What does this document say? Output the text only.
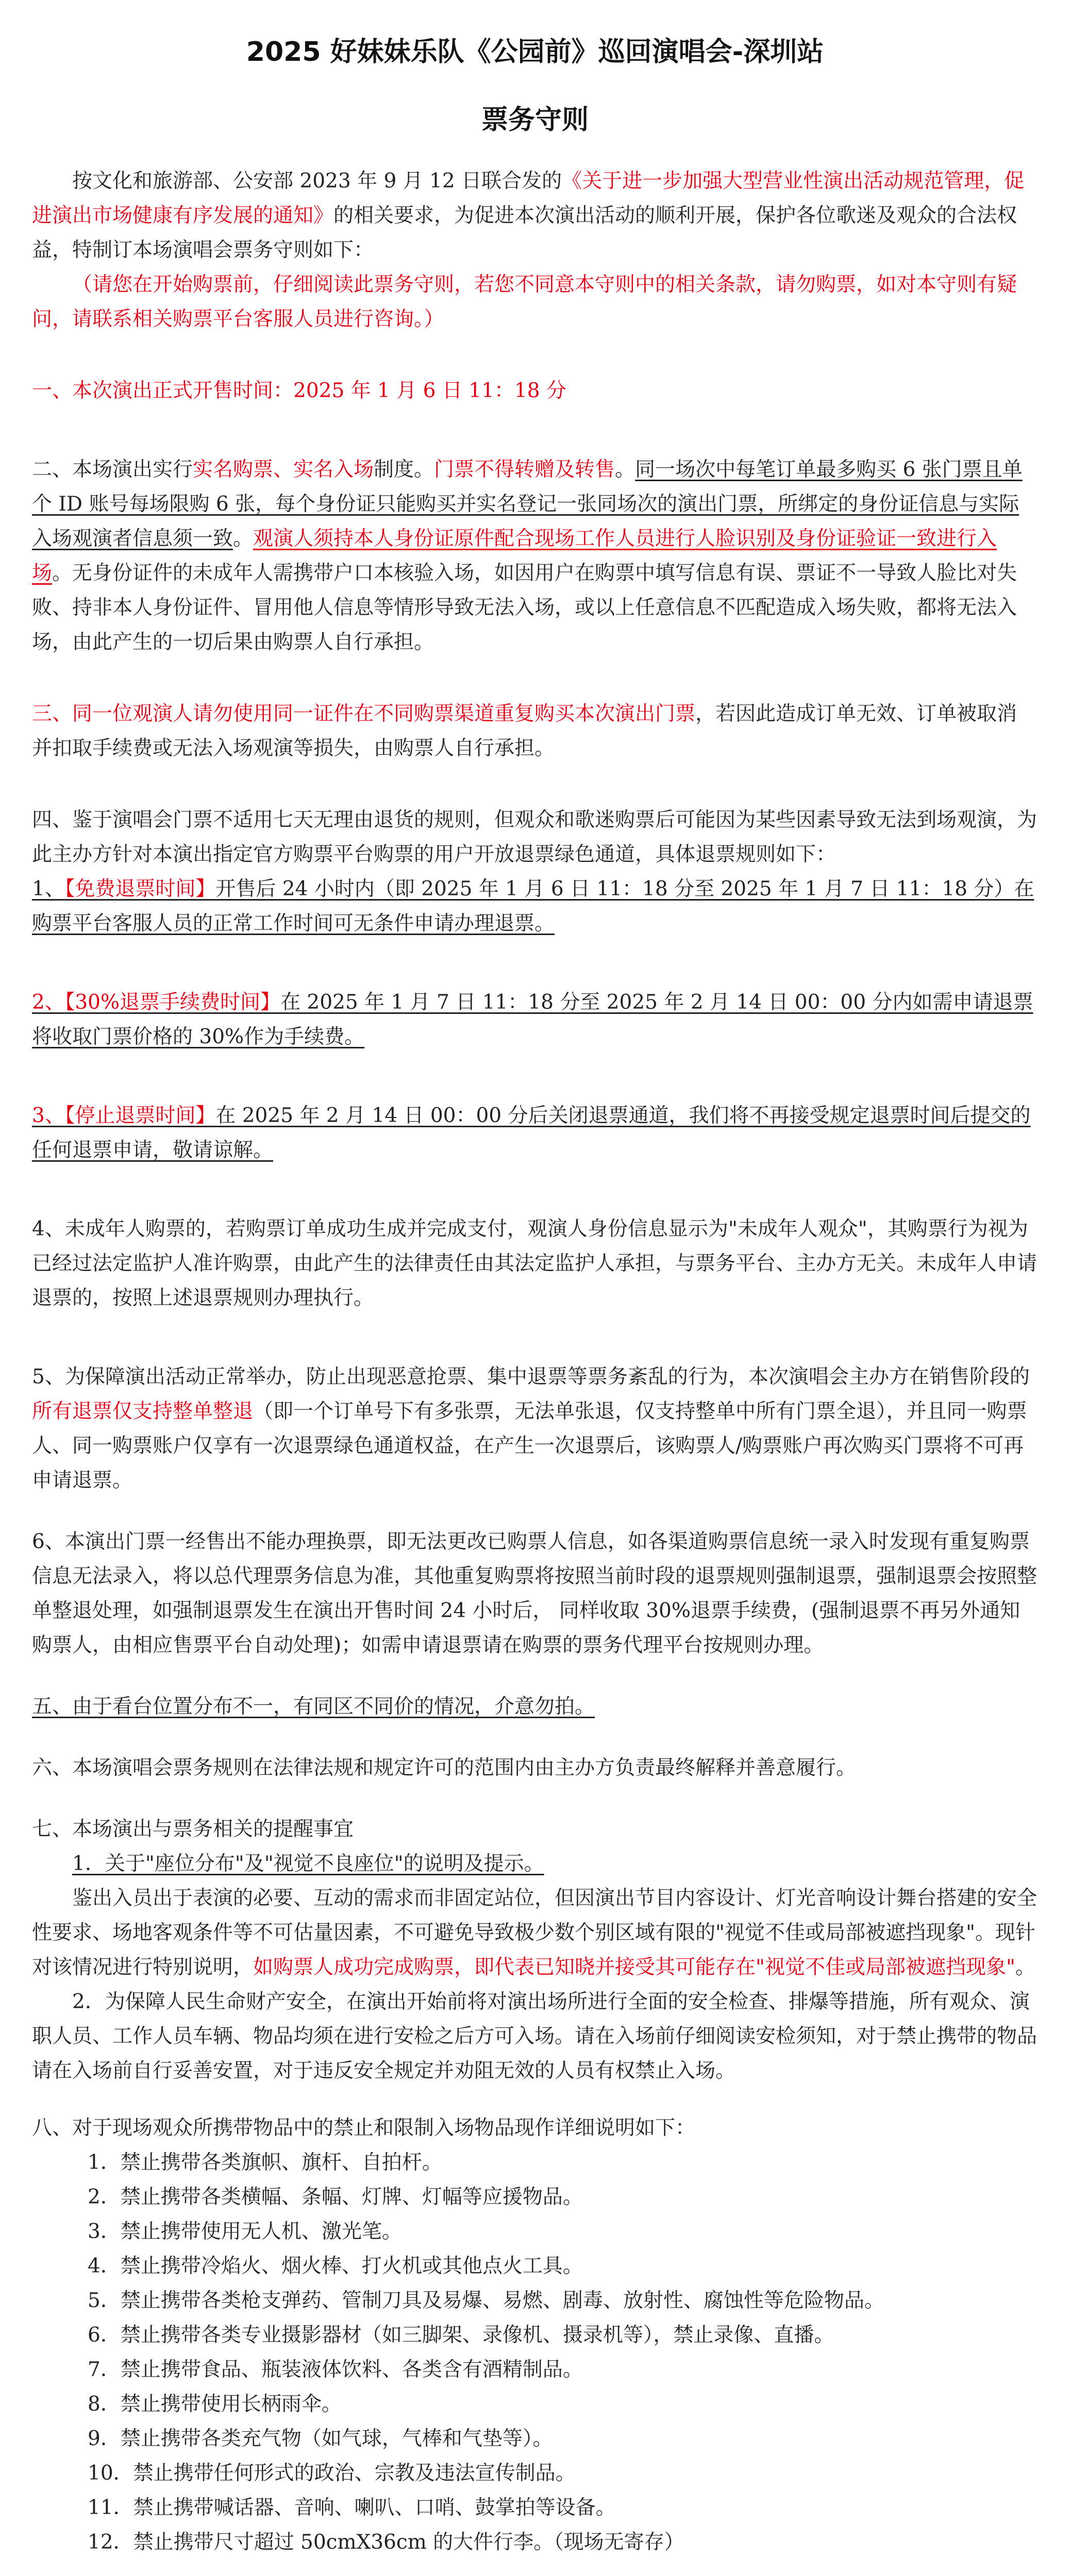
2025 好妹妹乐队《公园前》巡回演唱会-深圳站
票务守则

按文化和旅游部、公安部 2023 年 9 月 12 日联合发的《关于进一步加强大型营业性演出活动规范管理，促进演出市场健康有序发展的通知》的相关要求，为促进本次演出活动的顺利开展，保护各位歌迷及观众的合法权益，特制订本场演唱会票务守则如下：

（请您在开始购票前，仔细阅读此票务守则，若您不同意本守则中的相关条款，请勿购票，如对本守则有疑问，请联系相关购票平台客服人员进行咨询。）

一、本次演出正式开售时间：2025 年 1 月 6 日 11：18 分

二、本场演出实行实名购票、实名入场制度。门票不得转赠及转售。同一场次中每笔订单最多购买 6 张门票且单个 ID 账号每场限购 6 张，每个身份证只能购买并实名登记一张同场次的演出门票，所绑定的身份证信息与实际入场观演者信息须一致。观演人须持本人身份证原件配合现场工作人员进行人脸识别及身份证验证一致进行入场。无身份证件的未成年人需携带户口本核验入场，如因用户在购票中填写信息有误、票证不一导致人脸比对失败、持非本人身份证件、冒用他人信息等情形导致无法入场，或以上任意信息不匹配造成入场失败，都将无法入场，由此产生的一切后果由购票人自行承担。

三、同一位观演人请勿使用同一证件在不同购票渠道重复购买本次演出门票，若因此造成订单无效、订单被取消并扣取手续费或无法入场观演等损失，由购票人自行承担。

四、鉴于演唱会门票不适用七天无理由退货的规则，但观众和歌迷购票后可能因为某些因素导致无法到场观演，为此主办方针对本演出指定官方购票平台购票的用户开放退票绿色通道，具体退票规则如下：

1、【免费退票时间】开售后 24 小时内（即 2025 年 1 月 6 日 11：18 分至 2025 年 1 月 7 日 11：18 分）在购票平台客服人员的正常工作时间可无条件申请办理退票。

2、【30%退票手续费时间】在 2025 年 1 月 7 日 11：18 分至 2025 年 2 月 14 日 00：00 分内如需申请退票将收取门票价格的 30%作为手续费。

3、【停止退票时间】在 2025 年 2 月 14 日 00：00 分后关闭退票通道，我们将不再接受规定退票时间后提交的任何退票申请，敬请谅解。

4、未成年人购票的，若购票订单成功生成并完成支付，观演人身份信息显示为"未成年人观众"，其购票行为视为已经过法定监护人准许购票，由此产生的法律责任由其法定监护人承担，与票务平台、主办方无关。未成年人申请退票的，按照上述退票规则办理执行。

5、为保障演出活动正常举办，防止出现恶意抢票、集中退票等票务紊乱的行为，本次演唱会主办方在销售阶段的所有退票仅支持整单整退（即一个订单号下有多张票，无法单张退，仅支持整单中所有门票全退），并且同一购票人、同一购票账户仅享有一次退票绿色通道权益，在产生一次退票后，该购票人/购票账户再次购买门票将不可再申请退票。

6、本演出门票一经售出不能办理换票，即无法更改已购票人信息，如各渠道购票信息统一录入时发现有重复购票信息无法录入，将以总代理票务信息为准，其他重复购票将按照当前时段的退票规则强制退票，强制退票会按照整单整退处理，如强制退票发生在演出开售时间 24 小时后， 同样收取 30%退票手续费，(强制退票不再另外通知购票人，由相应售票平台自动处理)；如需申请退票请在购票的票务代理平台按规则办理。

五、由于看台位置分布不一，有同区不同价的情况，介意勿拍。

六、本场演唱会票务规则在法律法规和规定许可的范围内由主办方负责最终解释并善意履行。

七、本场演出与票务相关的提醒事宜

1．关于"座位分布"及"视觉不良座位"的说明及提示。

鉴出入员出于表演的必要、互动的需求而非固定站位，但因演出节目内容设计、灯光音响设计舞台搭建的安全性要求、场地客观条件等不可估量因素，不可避免导致极少数个别区域有限的"视觉不佳或局部被遮挡现象"。现针对该情况进行特别说明，如购票人成功完成购票，即代表已知晓并接受其可能存在"视觉不佳或局部被遮挡现象"。

2．为保障人民生命财产安全，在演出开始前将对演出场所进行全面的安全检查、排爆等措施，所有观众、演职人员、工作人员车辆、物品均须在进行安检之后方可入场。请在入场前仔细阅读安检须知，对于禁止携带的物品请在入场前自行妥善安置，对于违反安全规定并劝阻无效的人员有权禁止入场。

八、对于现场观众所携带物品中的禁止和限制入场物品现作详细说明如下：

1．禁止携带各类旗帜、旗杆、自拍杆。

2．禁止携带各类横幅、条幅、灯牌、灯幅等应援物品。

3．禁止携带使用无人机、激光笔。

4．禁止携带冷焰火、烟火棒、打火机或其他点火工具。

5．禁止携带各类枪支弹药、管制刀具及易爆、易燃、剧毒、放射性、腐蚀性等危险物品。

6．禁止携带各类专业摄影器材（如三脚架、录像机、摄录机等），禁止录像、直播。

7．禁止携带食品、瓶装液体饮料、各类含有酒精制品。

8．禁止携带使用长柄雨伞。

9．禁止携带各类充气物（如气球，气棒和气垫等）。

10．禁止携带任何形式的政治、宗教及违法宣传制品。

11．禁止携带喊话器、音响、喇叭、口哨、鼓掌拍等设备。

12．禁止携带尺寸超过 50cmX36cm 的大件行李。（现场无寄存）
